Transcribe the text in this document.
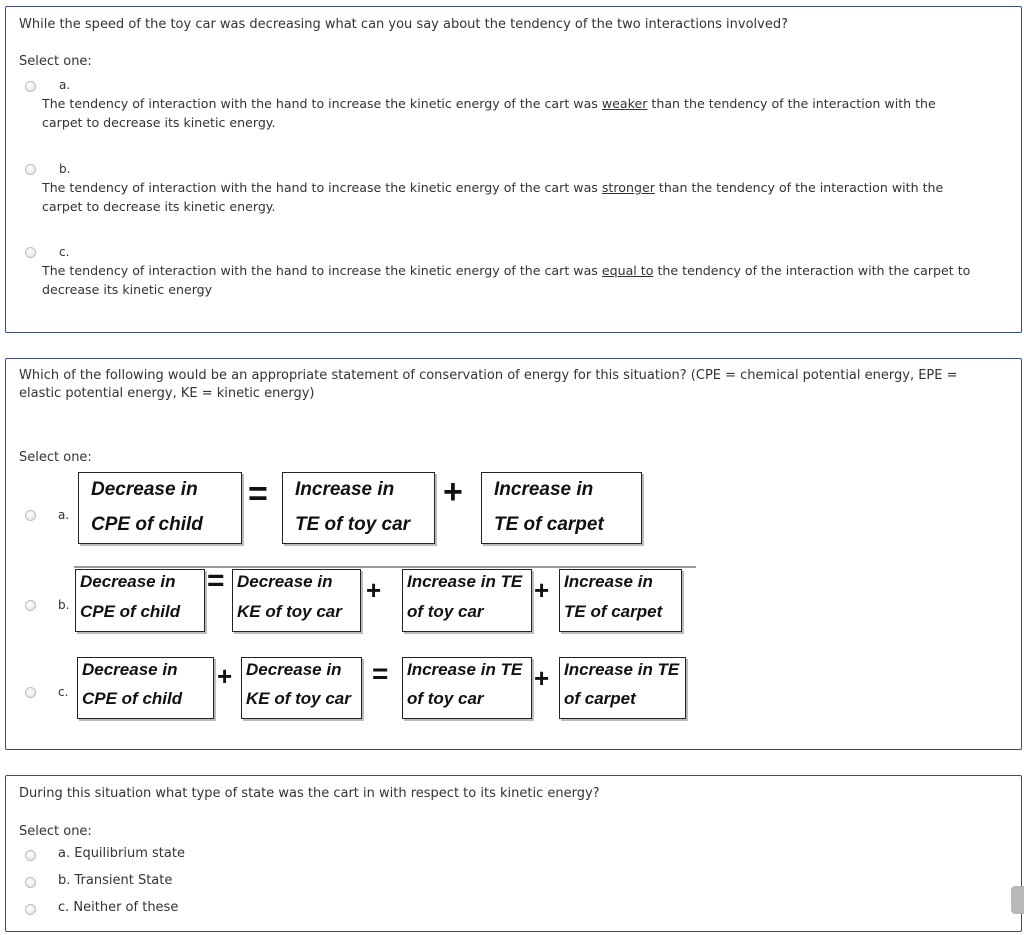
While the speed of the toy car was decreasing what can you say about the tendency of the two interactions involved?
Select one:
a.
The tendency of interaction with the hand to increase the kinetic energy of the cart was weaker than the tendency of the interaction with the carpet to decrease its kinetic energy.
b.
The tendency of interaction with the hand to increase the kinetic energy of the cart was stronger than the tendency of the interaction with the carpet to decrease its kinetic energy.
c.
The tendency of interaction with the hand to increase the kinetic energy of the cart was equal to the tendency of the interaction with the carpet to decrease its kinetic energy
Which of the following would be an appropriate statement of conservation of energy for this situation? (CPE = chemical potential energy, EPE = elastic potential energy, KE = kinetic energy)
Select one:
a.
Decrease in
CPE of child
= Increase in
TE of toy car
+ Increase in
TE of carpet
b.
Decrease in
CPE of child
= Decrease in
KE of toy car
+ Increase in TE
of toy car
+ Increase in
TE of carpet
c.
Decrease in
CPE of child
+ Decrease in
KE of toy car
= Increase in TE
of toy car
+ Increase in TE
of carpet
During this situation what type of state was the cart in with respect to its kinetic energy?
Select one:
a. Equilibrium state
b. Transient State
c. Neither of these
